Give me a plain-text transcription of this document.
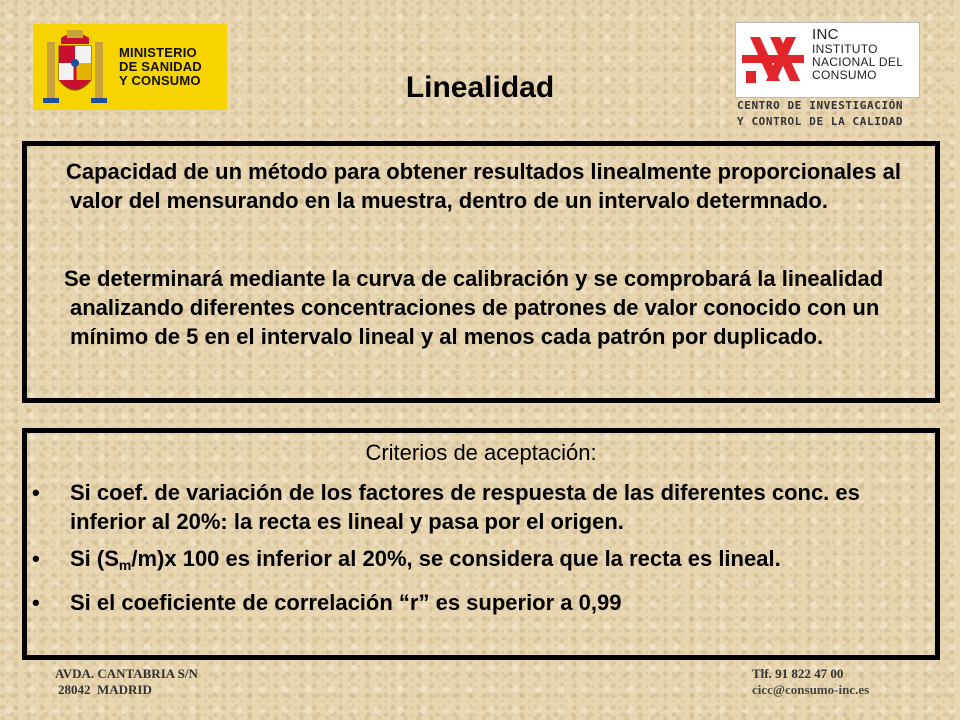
MINISTERIO
DE SANIDAD
Y CONSUMO	Linealidad
INC
INSTITUTO
NACIONAL DEL
CONSUMO
CENTRO DE INVESTIGACIÓN
Y CONTROL DE LA CALIDAD

Capacidad de un método para obtener resultados linealmente proporcionales al valor del mensurando en la muestra, dentro de un intervalo determnado.

Se determinará mediante la curva de calibración y se comprobará la linealidad analizando diferentes concentraciones de patrones de valor conocido con un mínimo de 5 en el intervalo lineal y al menos cada patrón por duplicado.

Criterios de aceptación:
• Si coef. de variación de los factores de respuesta de las diferentes conc. es inferior al 20%: la recta es lineal y pasa por el origen.
• Si $(S_m/m)x$ 100 es inferior al 20%, se considera que la recta es lineal.
• Si el coeficiente de correlación “r” es superior a 0,99
AVDA. CANTABRIA S/N
28042  MADRID
Tlf. 91 822 47 00
cicc@consumo-inc.es
